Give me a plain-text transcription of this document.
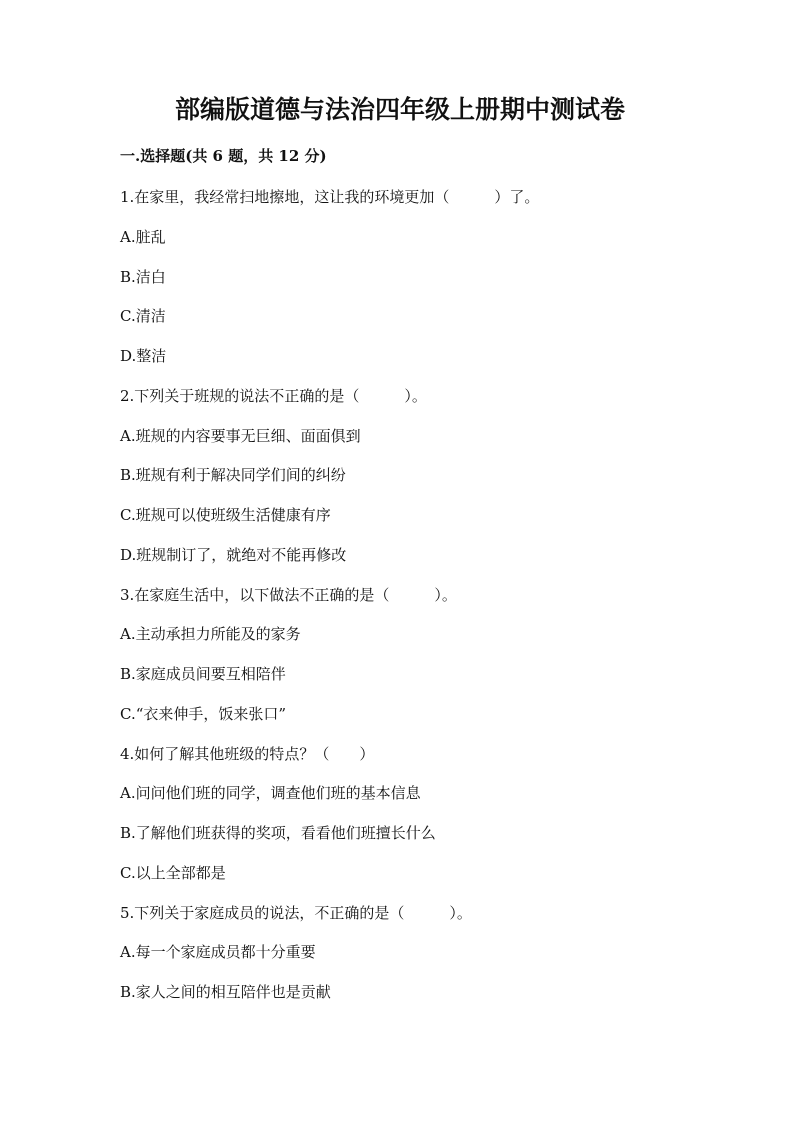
部编版道德与法治四年级上册期中测试卷
一.选择题(共 6 题，共 12 分)
1.在家里，我经常扫地擦地，这让我的环境更加（　　　）了。
A.脏乱
B.洁白
C.清洁
D.整洁
2.下列关于班规的说法不正确的是（　　　）。
A.班规的内容要事无巨细、面面俱到
B.班规有利于解决同学们间的纠纷
C.班规可以使班级生活健康有序
D.班规制订了，就绝对不能再修改
3.在家庭生活中，以下做法不正确的是（　　　）。
A.主动承担力所能及的家务
B.家庭成员间要互相陪伴
C.“衣来伸手，饭来张口”
4.如何了解其他班级的特点？（　　）
A.问问他们班的同学，调查他们班的基本信息
B.了解他们班获得的奖项，看看他们班擅长什么
C.以上全部都是
5.下列关于家庭成员的说法，不正确的是（　　　）。
A.每一个家庭成员都十分重要
B.家人之间的相互陪伴也是贡献
